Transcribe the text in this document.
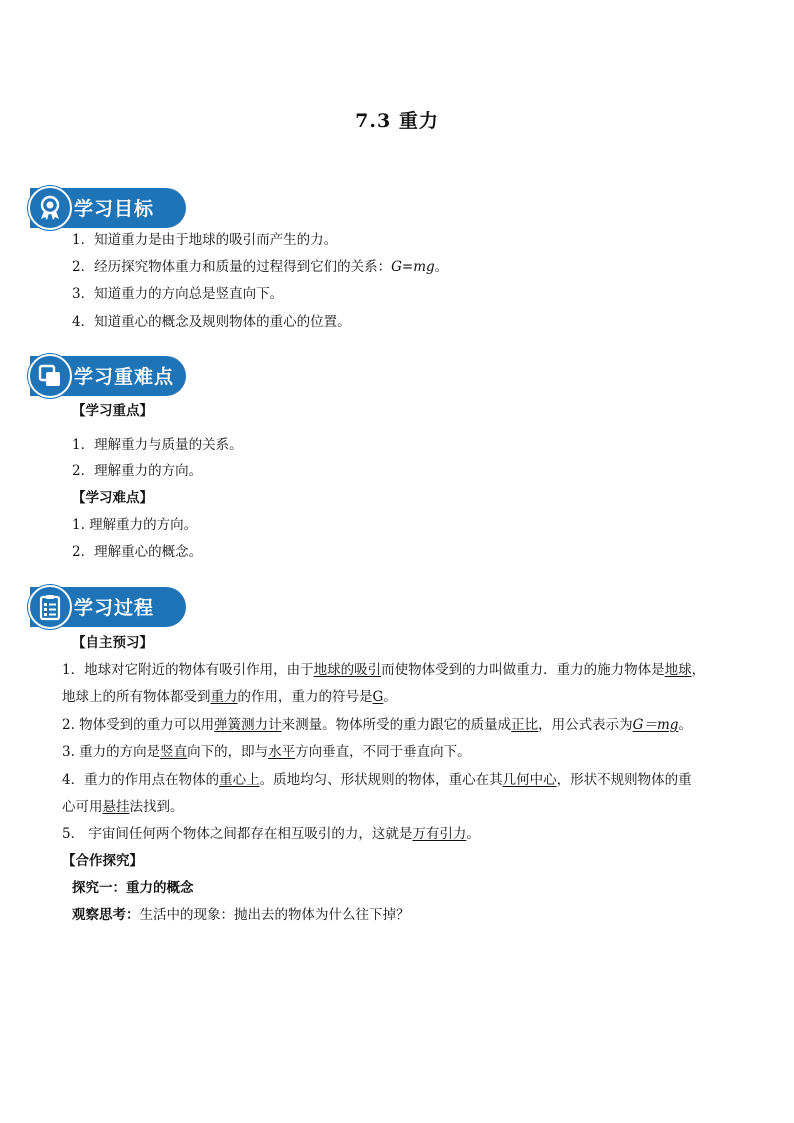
7.3 重力
学习目标
1．知道重力是由于地球的吸引而产生的力。
2．经历探究物体重力和质量的过程得到它们的关系：G=mg。
3．知道重力的方向总是竖直向下。
4．知道重心的概念及规则物体的重心的位置。
学习重难点
【学习重点】
1．理解重力与质量的关系。
2．理解重力的方向。
【学习难点】
1. 理解重力的方向。
2．理解重心的概念。
学习过程
【自主预习】
1．地球对它附近的物体有吸引作用，由于地球的吸引而使物体受到的力叫做重力．重力的施力物体是地球，
地球上的所有物体都受到重力的作用，重力的符号是G。
2. 物体受到的重力可以用弹簧测力计来测量。物体所受的重力跟它的质量成正比，用公式表示为G＝mg。
3. 重力的方向是竖直向下的，即与水平方向垂直，不同于垂直向下。
4．重力的作用点在物体的重心上。质地均匀、形状规则的物体，重心在其几何中心，形状不规则物体的重
心可用悬挂法找到。
5． 宇宙间任何两个物体之间都存在相互吸引的力，这就是万有引力。
【合作探究】
探究一：重力的概念
观察思考：生活中的现象：抛出去的物体为什么往下掉？
